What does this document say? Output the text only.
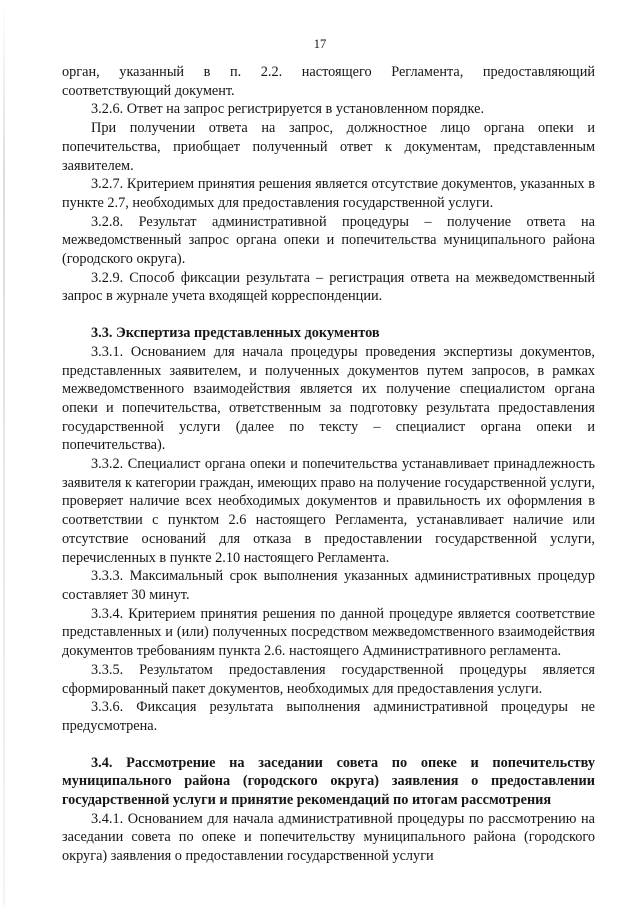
17

орган, указанный в п. 2.2. настоящего Регламента, предоставляющий соответствующий документ.

3.2.6. Ответ на запрос регистрируется в установленном порядке.

При получении ответа на запрос, должностное лицо органа опеки и попечительства, приобщает полученный ответ к документам, представленным заявителем.

3.2.7. Критерием принятия решения является отсутствие документов, указанных в пункте 2.7, необходимых для предоставления государственной услуги.

3.2.8. Результат административной процедуры – получение ответа на межведомственный запрос органа опеки и попечительства муниципального района (городского округа).

3.2.9. Способ фиксации результата – регистрация ответа на межведомственный запрос в журнале учета входящей корреспонденции.

3.3. Экспертиза представленных документов

3.3.1. Основанием для начала процедуры проведения экспертизы документов, представленных заявителем, и полученных документов путем запросов, в рамках межведомственного взаимодействия является их получение специалистом органа опеки и попечительства, ответственным за подготовку результата предоставления государственной услуги (далее по тексту – специалист органа опеки и попечительства).

3.3.2. Специалист органа опеки и попечительства устанавливает принадлежность заявителя к категории граждан, имеющих право на получение государственной услуги, проверяет наличие всех необходимых документов и правильность их оформления в соответствии с пунктом 2.6 настоящего Регламента, устанавливает наличие или отсутствие оснований для отказа в предоставлении государственной услуги, перечисленных в пункте 2.10 настоящего Регламента.

3.3.3. Максимальный срок выполнения указанных административных процедур составляет 30 минут.

3.3.4. Критерием принятия решения по данной процедуре является соответствие представленных и (или) полученных посредством межведомственного взаимодействия документов требованиям пункта 2.6. настоящего Административного регламента.

3.3.5. Результатом предоставления государственной процедуры является сформированный пакет документов, необходимых для предоставления услуги.

3.3.6. Фиксация результата выполнения административной процедуры не предусмотрена.

3.4. Рассмотрение на заседании совета по опеке и попечительству муниципального района (городского округа) заявления о предоставлении государственной услуги и принятие рекомендаций по итогам рассмотрения

3.4.1. Основанием для начала административной процедуры по рассмотрению на заседании совета по опеке и попечительству муниципального района (городского округа) заявления о предоставлении государственной услуги
